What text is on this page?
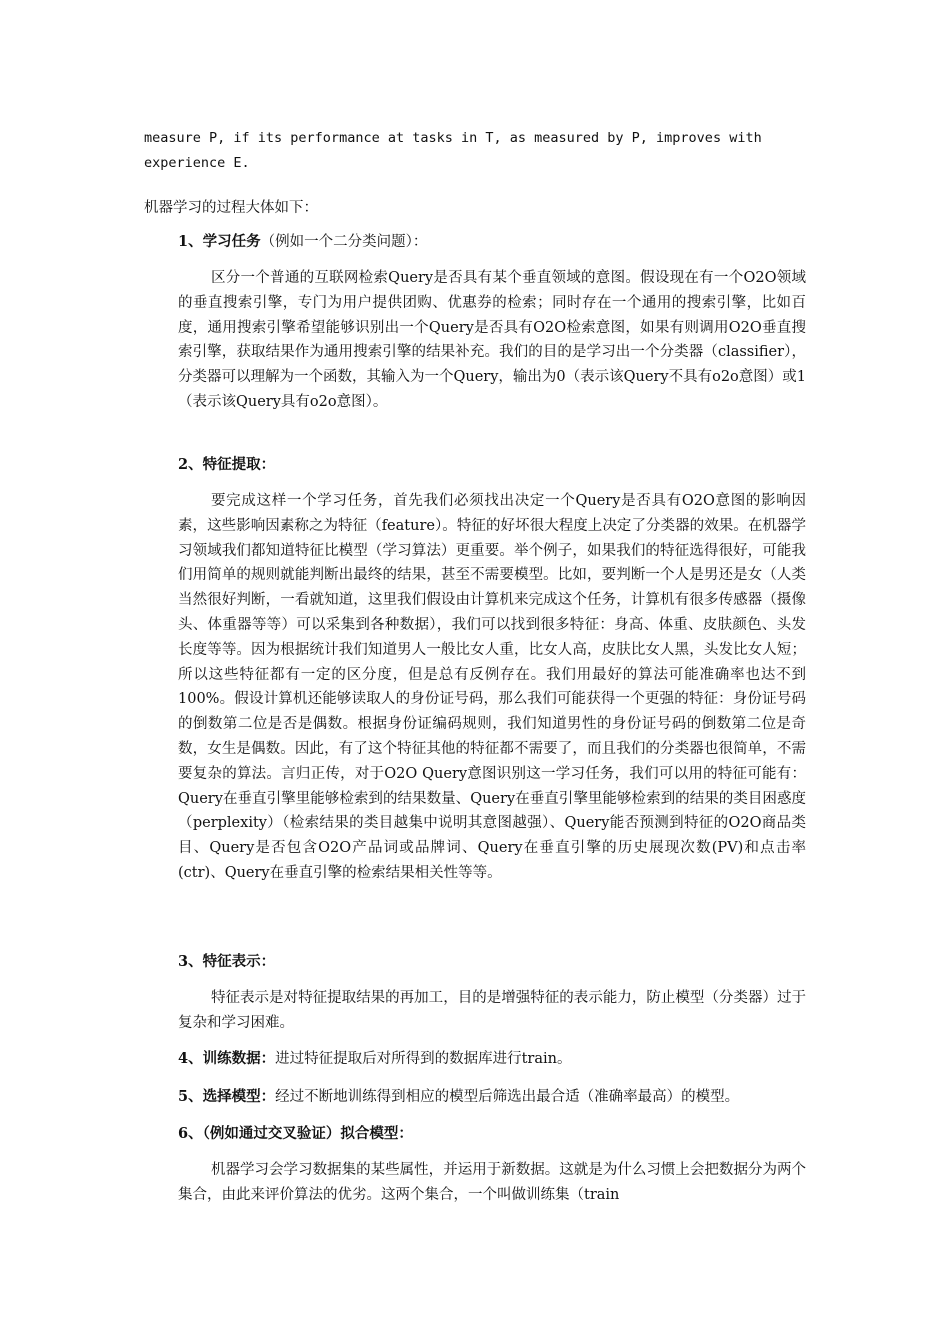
measure P, if its performance at tasks in T, as measured by P, improves with
experience E.
机器学习的过程大体如下：
1、学习任务（例如一个二分类问题）：
区分一个普通的互联网检索Query是否具有某个垂直领域的意图。假设现在有一个O2O领域的垂直搜索引擎，专门为用户提供团购、优惠券的检索；同时存在一个通用的搜索引擎，比如百度，通用搜索引擎希望能够识别出一个Query是否具有O2O检索意图，如果有则调用O2O垂直搜索引擎，获取结果作为通用搜索引擎的结果补充。我们的目的是学习出一个分类器（classifier），分类器可以理解为一个函数，其输入为一个Query，输出为0（表示该Query不具有o2o意图）或1（表示该Query具有o2o意图）。
2、特征提取：
要完成这样一个学习任务，首先我们必须找出决定一个Query是否具有O2O意图的影响因素，这些影响因素称之为特征（feature）。特征的好坏很大程度上决定了分类器的效果。在机器学习领域我们都知道特征比模型（学习算法）更重要。举个例子，如果我们的特征选得很好，可能我们用简单的规则就能判断出最终的结果，甚至不需要模型。比如，要判断一个人是男还是女（人类当然很好判断，一看就知道，这里我们假设由计算机来完成这个任务，计算机有很多传感器（摄像头、体重器等等）可以采集到各种数据），我们可以找到很多特征：身高、体重、皮肤颜色、头发长度等等。因为根据统计我们知道男人一般比女人重，比女人高，皮肤比女人黑，头发比女人短；所以这些特征都有一定的区分度，但是总有反例存在。我们用最好的算法可能准确率也达不到100%。假设计算机还能够读取人的身份证号码，那么我们可能获得一个更强的特征：身份证号码的倒数第二位是否是偶数。根据身份证编码规则，我们知道男性的身份证号码的倒数第二位是奇数，女生是偶数。因此，有了这个特征其他的特征都不需要了，而且我们的分类器也很简单，不需要复杂的算法。言归正传，对于O2O Query意图识别这一学习任务，我们可以用的特征可能有：Query在垂直引擎里能够检索到的结果数量、Query在垂直引擎里能够检索到的结果的类目困惑度（perplexity）（检索结果的类目越集中说明其意图越强）、Query能否预测到特征的O2O商品类目、Query是否包含O2O产品词或品牌词、Query在垂直引擎的历史展现次数(PV)和点击率(ctr)、Query在垂直引擎的检索结果相关性等等。
3、特征表示：
特征表示是对特征提取结果的再加工，目的是增强特征的表示能力，防止模型（分类器）过于复杂和学习困难。
4、训练数据：进过特征提取后对所得到的数据库进行train。
5、选择模型：经过不断地训练得到相应的模型后筛选出最合适（准确率最高）的模型。
6、（例如通过交叉验证）拟合模型：
机器学习会学习数据集的某些属性，并运用于新数据。这就是为什么习惯上会把数据分为两个集合，由此来评价算法的优劣。这两个集合，一个叫做训练集（train
